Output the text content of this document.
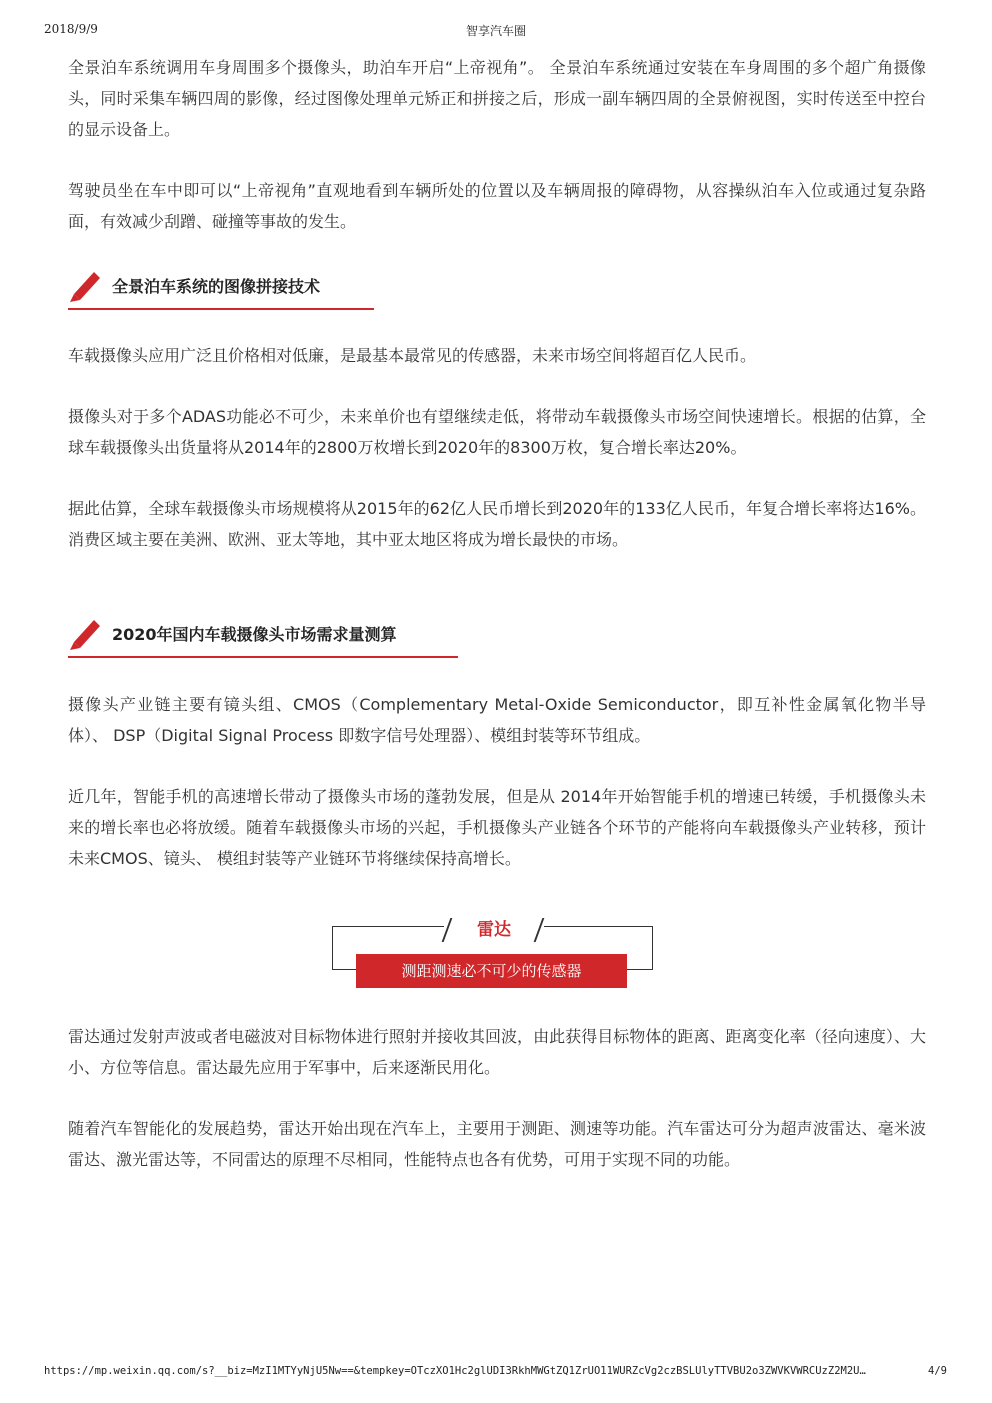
2018/9/9	智享汽车圈

全景泊车系统调用车身周围多个摄像头，助泊车开启“上帝视角”。 全景泊车系统通过安装在车身周围的多个超广角摄像头，同时采集车辆四周的影像，经过图像处理单元矫正和拼接之后，形成一副车辆四周的全景俯视图，实时传送至中控台的显示设备上。

驾驶员坐在车中即可以“上帝视角”直观地看到车辆所处的位置以及车辆周报的障碍物，从容操纵泊车入位或通过复杂路面，有效减少刮蹭、碰撞等事故的发生。

全景泊车系统的图像拼接技术

车载摄像头应用广泛且价格相对低廉，是最基本最常见的传感器，未来市场空间将超百亿人民币。

摄像头对于多个ADAS功能必不可少，未来单价也有望继续走低，将带动车载摄像头市场空间快速增长。根据的估算，全球车载摄像头出货量将从2014年的2800万枚增长到2020年的8300万枚，复合增长率达20%。

据此估算，全球车载摄像头市场规模将从2015年的62亿人民币增长到2020年的133亿人民币，年复合增长率将达16%。消费区域主要在美洲、欧洲、亚太等地，其中亚太地区将成为增长最快的市场。

2020年国内车载摄像头市场需求量测算

摄像头产业链主要有镜头组、CMOS（Complementary Metal-Oxide Semiconductor，即互补性金属氧化物半导体）、 DSP（Digital Signal Process 即数字信号处理器）、模组封装等环节组成。

近几年，智能手机的高速增长带动了摄像头市场的蓬勃发展，但是从 2014年开始智能手机的增速已转缓，手机摄像头未来的增长率也必将放缓。随着车载摄像头市场的兴起，手机摄像头产业链各个环节的产能将向车载摄像头产业转移，预计未来CMOS、镜头、 模组封装等产业链环节将继续保持高增长。

雷达
测距测速必不可少的传感器

雷达通过发射声波或者电磁波对目标物体进行照射并接收其回波，由此获得目标物体的距离、距离变化率（径向速度）、大小、方位等信息。雷达最先应用于军事中，后来逐渐民用化。

随着汽车智能化的发展趋势，雷达开始出现在汽车上，主要用于测距、测速等功能。汽车雷达可分为超声波雷达、毫米波雷达、激光雷达等，不同雷达的原理不尽相同，性能特点也各有优势，可用于实现不同的功能。

https://mp.weixin.qq.com/s?__biz=MzI1MTYyNjU5Nw==&tempkey=OTczXO1Hc2glUDI3RkhMWGtZQ1ZrUO11WURZcVg2czBSLUlyTTVBU2o3ZWVKVWRCUzZ2M2U…	4/9
